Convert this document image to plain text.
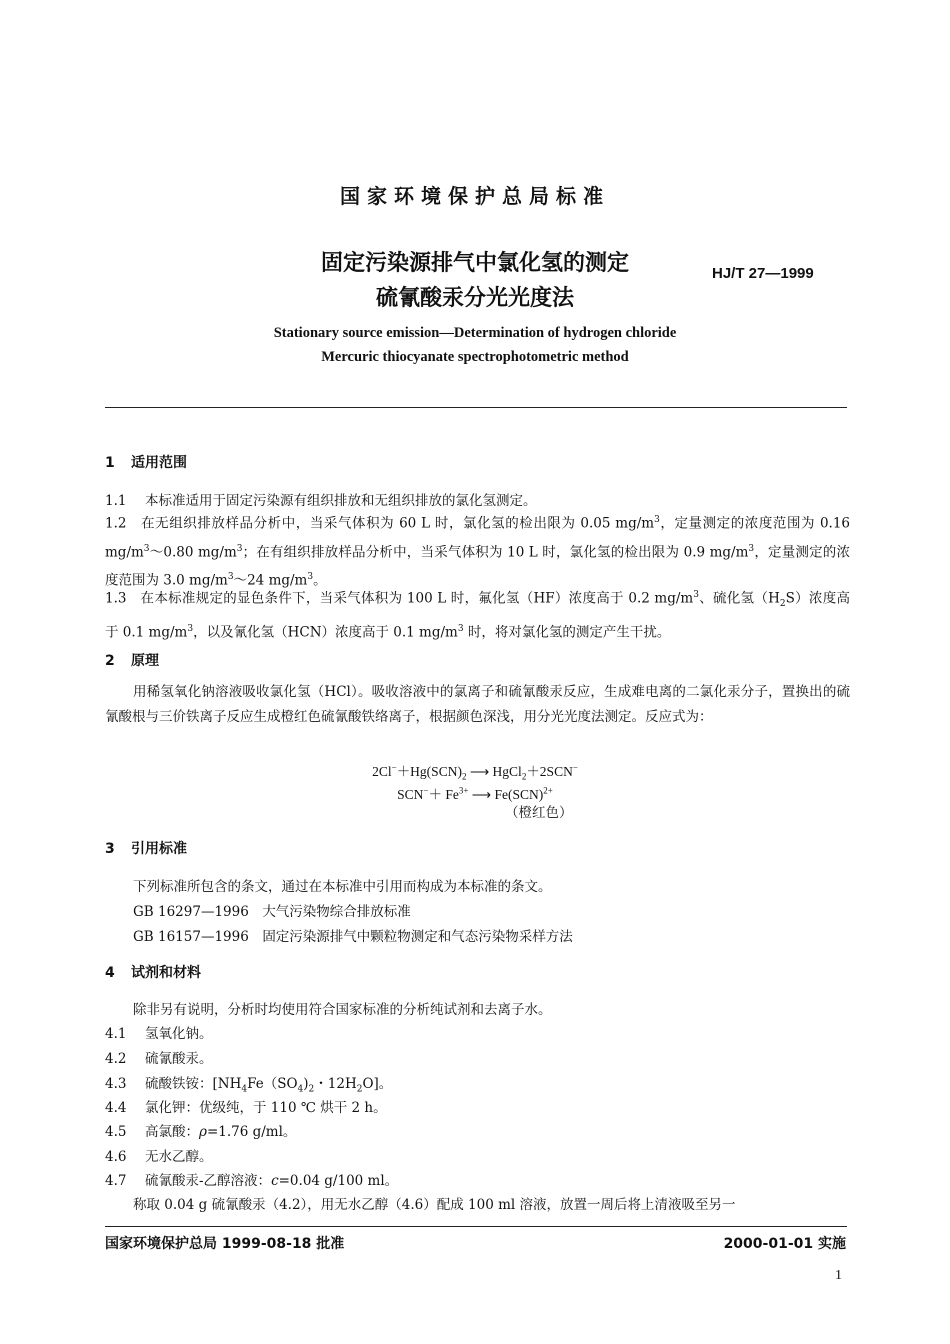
国家环境保护总局标准
固定污染源排气中氯化氢的测定
硫氰酸汞分光光度法
HJ/T 27—1999
Stationary source emission—Determination of hydrogen chloride
Mercuric thiocyanate spectrophotometric method
1 适用范围
1.1 本标准适用于固定污染源有组织排放和无组织排放的氯化氢测定。
1.2　在无组织排放样品分析中，当采气体积为 60 L 时，氯化氢的检出限为 0.05 $mg/m^3$，定量测定的浓度范围为 0.16 $mg/m^3\sim 0.80$ $mg/m^3$；在有组织排放样品分析中，当采气体积为 10 L 时，氯化氢的检出限为 0.9 $mg/m^3$，定量测定的浓度范围为 3.0 $mg/m^3\sim 24$ $mg/m^3$。
1.3　在本标准规定的显色条件下，当采气体积为 100 L 时，氟化氢（HF）浓度高于 0.2 $mg/m^3$、硫化氢$(H_2S)$浓度高于 0.1 $mg/m^3$，以及氰化氢（HCN）浓度高于 0.1 $mg/m^3$ 时，将对氯化氢的测定产生干扰。
2 原理
用稀氢氧化钠溶液吸收氯化氢（HCl）。吸收溶液中的氯离子和硫氰酸汞反应，生成难电离的二氯化汞分子，置换出的硫氰酸根与三价铁离子反应生成橙红色硫氰酸铁络离子，根据颜色深浅，用分光光度法测定。反应式为：
$2Cl^-+Hg(SCN)_2$ ⟶ HgCl$_2$＋2SCN−
$SCN^-+ Fe^{3+}$ ⟶ Fe(SCN)$^{2+}$
（橙红色）
3 引用标准
下列标准所包含的条文，通过在本标准中引用而构成为本标准的条文。
GB 16297—1996　 大气污染物综合排放标准
GB 16157—1996　 固定污染源排气中颗粒物测定和气态污染物采样方法
4 试剂和材料
除非另有说明，分析时均使用符合国家标准的分析纯试剂和去离子水。
4.1 氢氧化钠。
4.2 硫氰酸汞。
4.3 硫酸铁铵：[$NH_4Fe(SO_4)_2$・$12H_2O$]。
4.4 氯化钾：优级纯，于 110 ℃ 烘干 2 h。
4.5 高氯酸：ρ=1.76 g/ml。
4.6 无水乙醇。
4.7 硫氰酸汞-乙醇溶液：c=0.04 g/100 ml。
称取 0.04 g 硫氰酸汞（4.2），用无水乙醇（4.6）配成 100 ml 溶液，放置一周后将上清液吸至另一
国家环境保护总局 1999-08-18 批准	2000-01-01 实施
1
